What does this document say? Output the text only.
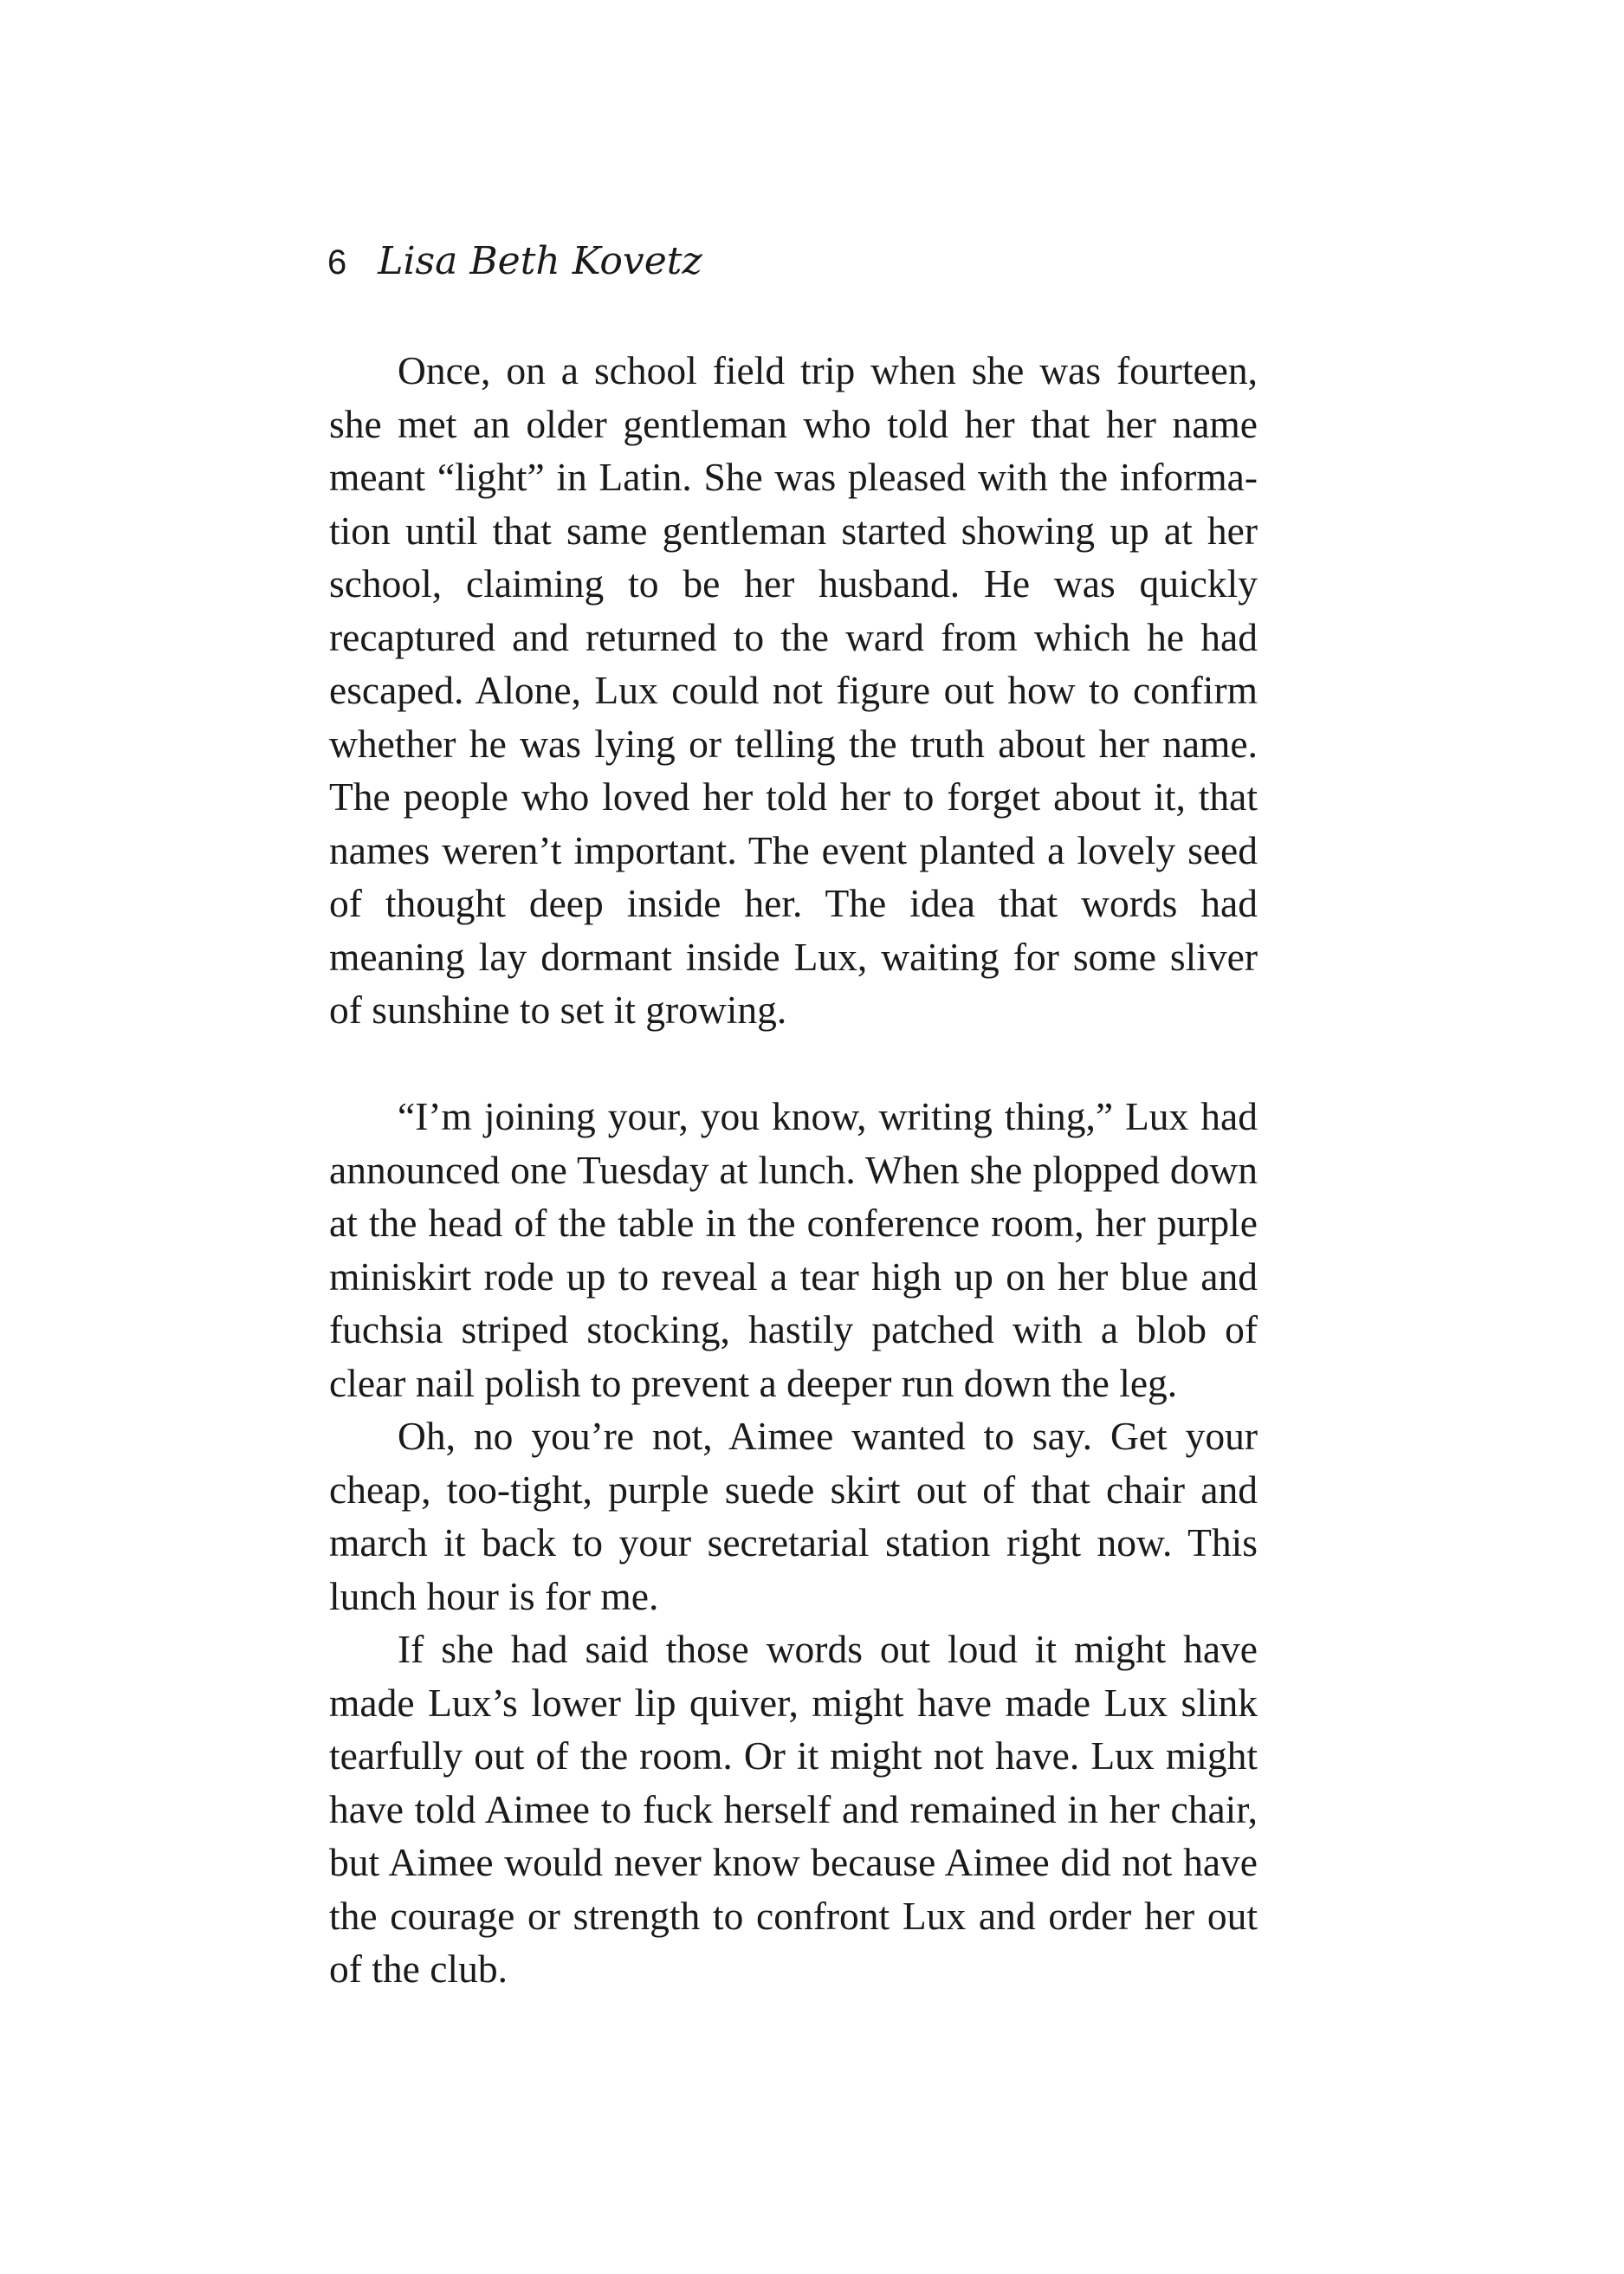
6 Lisa Beth Kovetz

Once, on a school field trip when she was fourteen, she met an older gentleman who told her that her name meant “light” in Latin. She was pleased with the information until that same gentleman started showing up at her school, claiming to be her husband. He was quickly recaptured and returned to the ward from which he had escaped. Alone, Lux could not figure out how to confirm whether he was lying or telling the truth about her name. The people who loved her told her to forget about it, that names weren’t important. The event planted a lovely seed of thought deep inside her. The idea that words had meaning lay dormant inside Lux, waiting for some sliver of sunshine to set it growing.

“I’m joining your, you know, writing thing,” Lux had announced one Tuesday at lunch. When she plopped down at the head of the table in the conference room, her purple miniskirt rode up to reveal a tear high up on her blue and fuchsia striped stocking, hastily patched with a blob of clear nail polish to prevent a deeper run down the leg.

Oh, no you’re not, Aimee wanted to say. Get your cheap, too-tight, purple suede skirt out of that chair and march it back to your secretarial station right now. This lunch hour is for me.

If she had said those words out loud it might have made Lux’s lower lip quiver, might have made Lux slink tearfully out of the room. Or it might not have. Lux might have told Aimee to fuck herself and remained in her chair, but Aimee would never know because Aimee did not have the courage or strength to confront Lux and order her out of the club.
